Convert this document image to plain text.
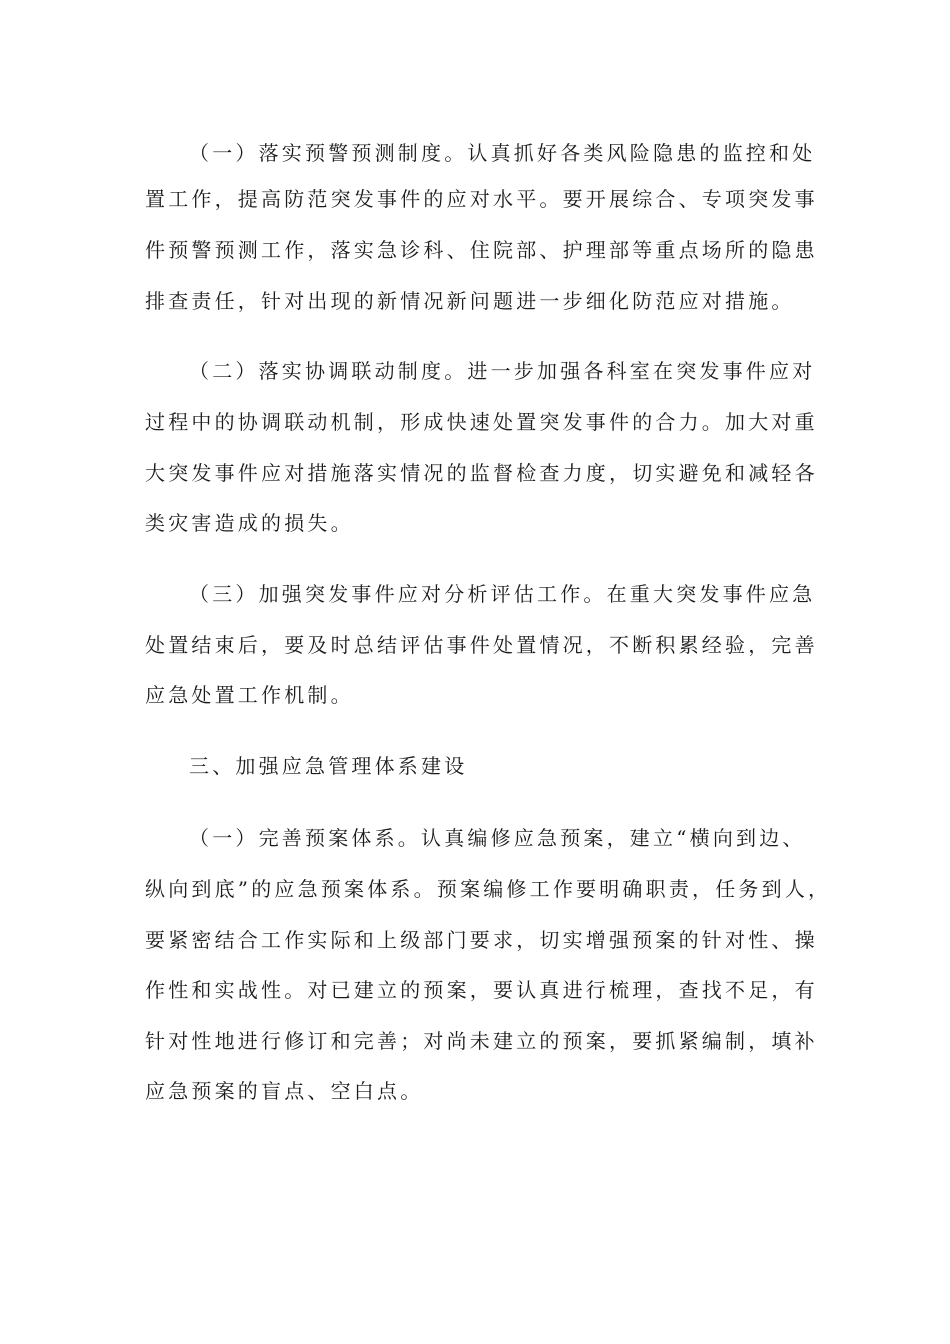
（一）落实预警预测制度。认真抓好各类风险隐患的监控和处
置工作，提高防范突发事件的应对水平。要开展综合、专项突发事
件预警预测工作，落实急诊科、住院部、护理部等重点场所的隐患
排查责任，针对出现的新情况新问题进一步细化防范应对措施。
（二）落实协调联动制度。进一步加强各科室在突发事件应对
过程中的协调联动机制，形成快速处置突发事件的合力。加大对重
大突发事件应对措施落实情况的监督检查力度，切实避免和减轻各
类灾害造成的损失。
（三）加强突发事件应对分析评估工作。在重大突发事件应急
处置结束后，要及时总结评估事件处置情况，不断积累经验，完善
应急处置工作机制。
三、加强应急管理体系建设
（一）完善预案体系。认真编修应急预案，建立“横向到边、
纵向到底”的应急预案体系。预案编修工作要明确职责，任务到人，
要紧密结合工作实际和上级部门要求，切实增强预案的针对性、操
作性和实战性。对已建立的预案，要认真进行梳理，查找不足，有
针对性地进行修订和完善；对尚未建立的预案，要抓紧编制，填补
应急预案的盲点、空白点。
